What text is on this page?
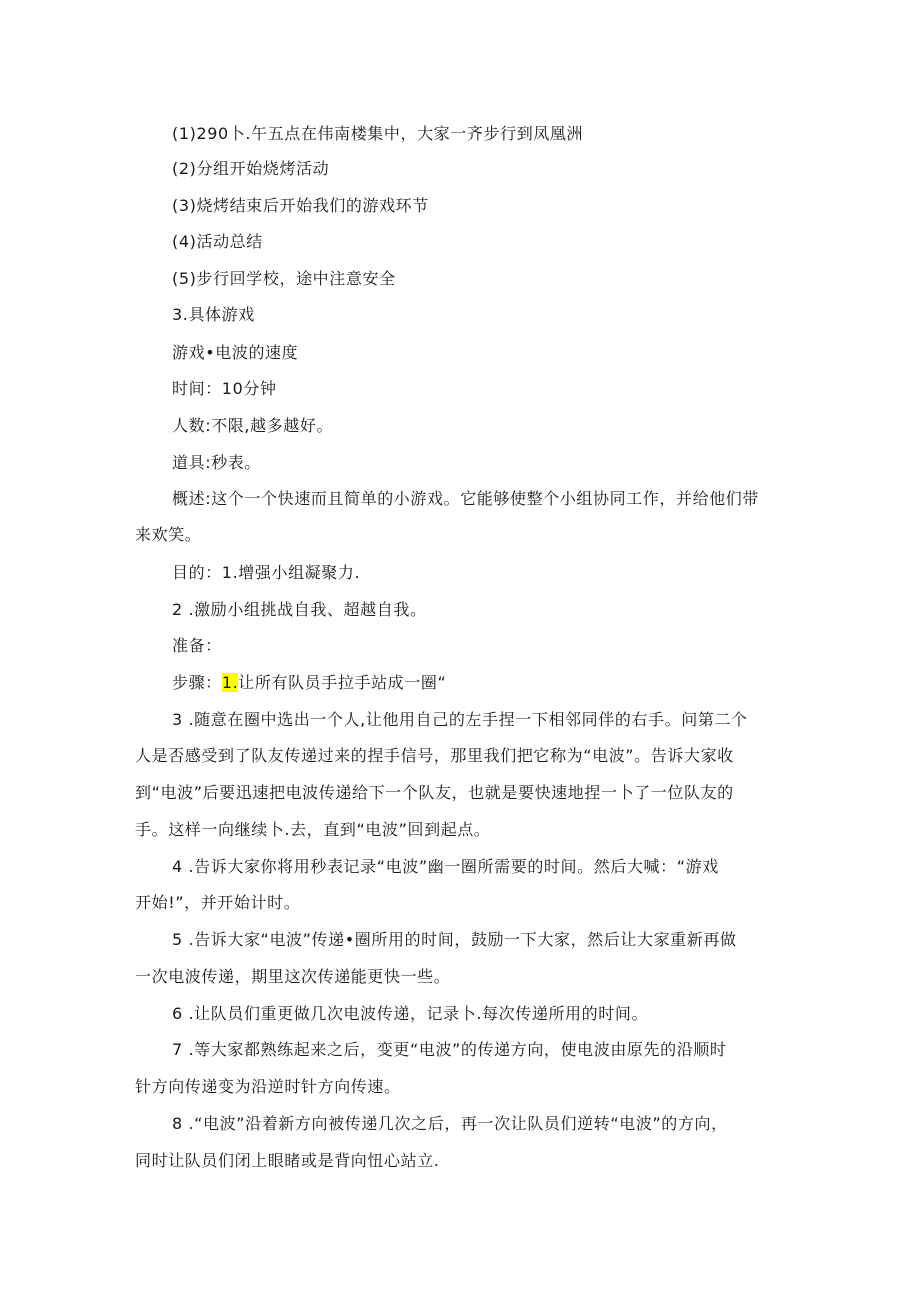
(1)290卜.午五点在伟南楼集中，大家一齐步行到凤凰洲
(2)分组开始烧烤活动
(3)烧烤结束后开始我们的游戏环节
(4)活动总结
(5)步行回学校，途中注意安全
3.具体游戏
游戏•电波的速度
时间：10分钟
人数:不限,越多越好。
道具:秒表。
概述:这个一个快速而且简单的小游戏。它能够使整个小组协同工作，并给他们带
来欢笑。
目的：1.增强小组凝聚力.
2 .激励小组挑战自我、超越自我。
准备：
步骤：1.让所有队员手拉手站成一圈“
3 .随意在圈中选出一个人,让他用自己的左手捏一下相邻同伴的右手。问第二个
人是否感受到了队友传递过来的捏手信号，那里我们把它称为“电波”。告诉大家收
到“电波”后要迅速把电波传递给下一个队友，也就是要快速地捏一卜了一位队友的
手。这样一向继续卜.去，直到“电波”回到起点。
4 .告诉大家你将用秒表记录“电波”幽一圈所需要的时间。然后大喊：“游戏
开始!”，并开始计时。
5 .告诉大家“电波”传递•圈所用的时间，鼓励一下大家，然后让大家重新再做
一次电波传递，期里这次传递能更快一些。
6 .让队员们重更做几次电波传递，记录卜.每次传递所用的时间。
7 .等大家都熟练起来之后，变更“电波”的传递方向，使电波由原先的沿顺时
针方向传递变为沿逆时针方向传速。
8 .“电波”沿着新方向被传递几次之后，再一次让队员们逆转“电波”的方向，
同时让队员们闭上眼睹或是背向忸心站立.
